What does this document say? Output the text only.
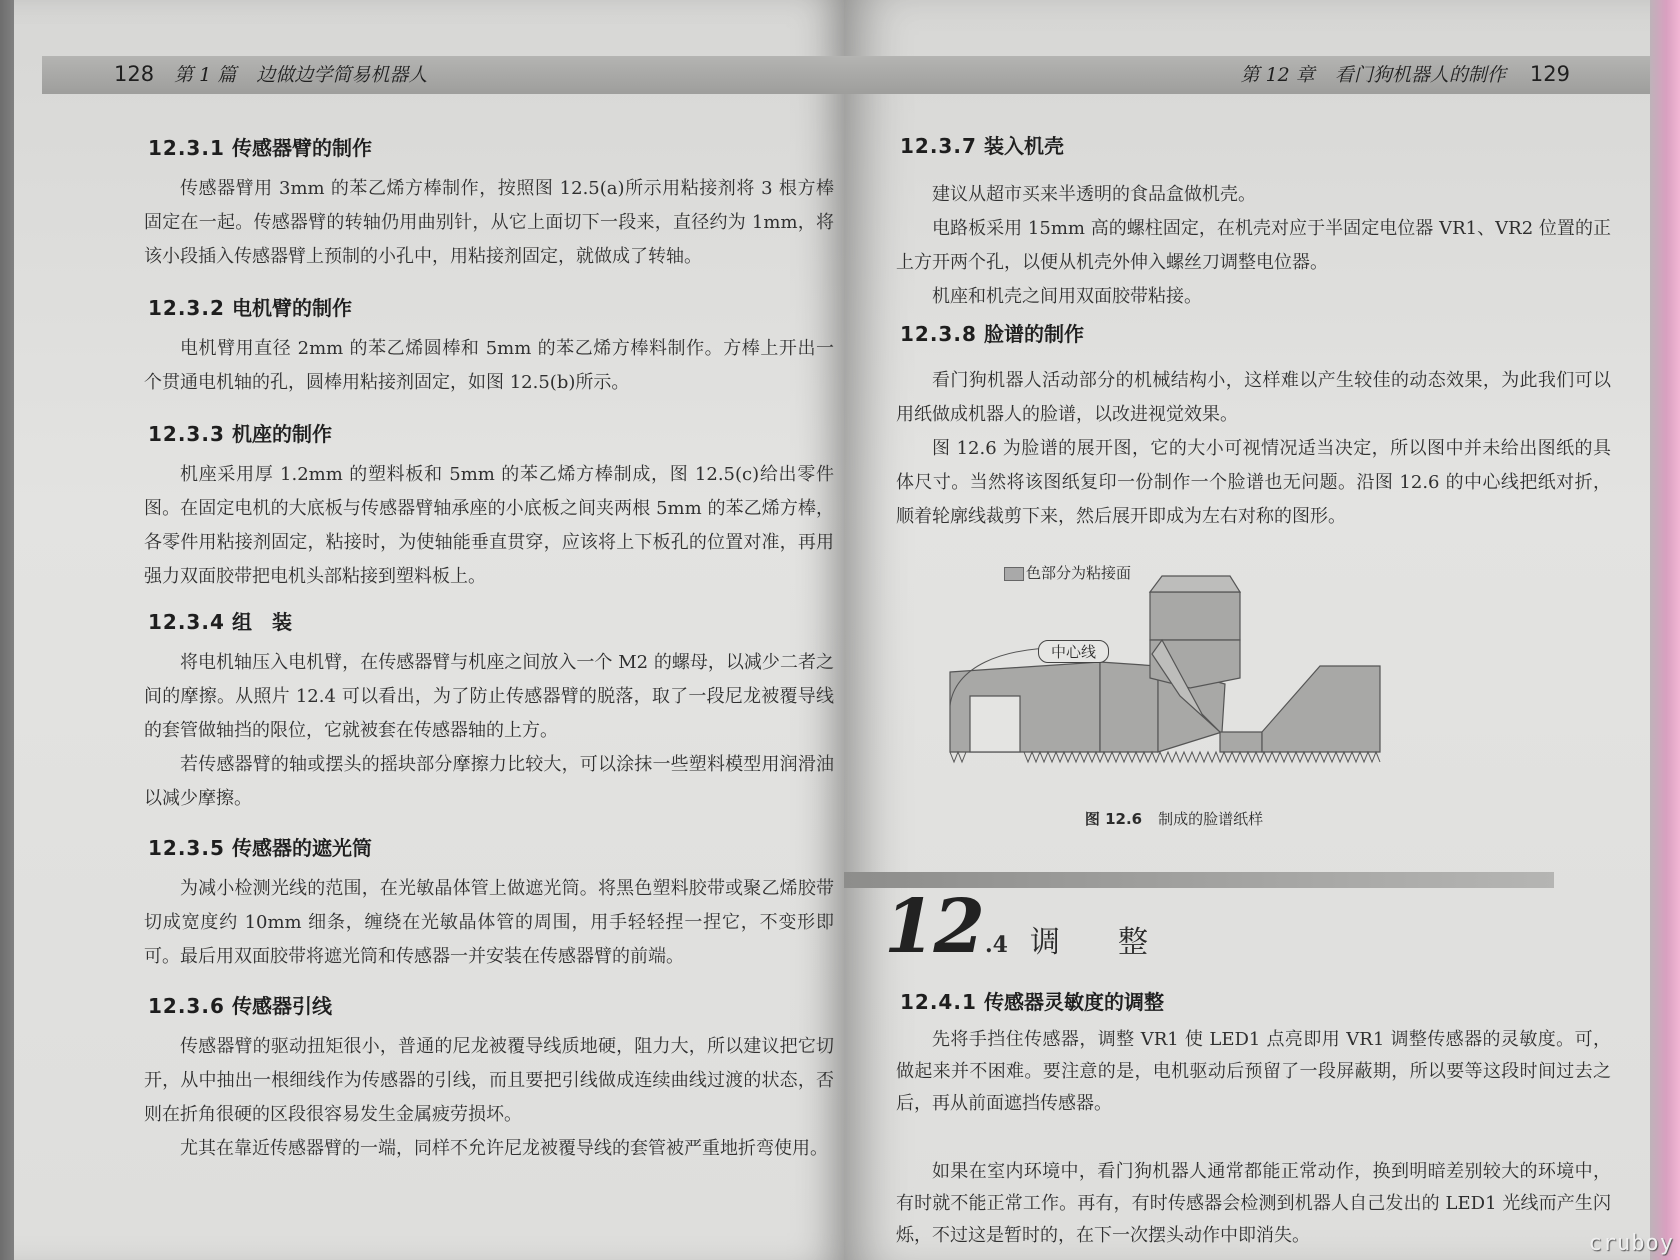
128 第 1 篇 边做边学简易机器人
12.3.1 传感器臂的制作
传感器臂用 3mm 的苯乙烯方棒制作，按照图 12.5(a)所示用粘接剂将 3 根方棒固定在一起。传感器臂的转轴仍用曲别针，从它上面切下一段来，直径约为 1mm，将该小段插入传感器臂上预制的小孔中，用粘接剂固定，就做成了转轴。
12.3.2 电机臂的制作
电机臂用直径 2mm 的苯乙烯圆棒和 5mm 的苯乙烯方棒料制作。方棒上开出一个贯通电机轴的孔，圆棒用粘接剂固定，如图 12.5(b)所示。
12.3.3 机座的制作
机座采用厚 1.2mm 的塑料板和 5mm 的苯乙烯方棒制成，图 12.5(c)给出零件图。在固定电机的大底板与传感器臂轴承座的小底板之间夹两根 5mm 的苯乙烯方棒，各零件用粘接剂固定，粘接时，为使轴能垂直贯穿，应该将上下板孔的位置对准，再用强力双面胶带把电机头部粘接到塑料板上。
12.3.4 组　装
将电机轴压入电机臂，在传感器臂与机座之间放入一个 M2 的螺母，以减少二者之间的摩擦。从照片 12.4 可以看出，为了防止传感器臂的脱落，取了一段尼龙被覆导线的套管做轴挡的限位，它就被套在传感器轴的上方。
若传感器臂的轴或摆头的摇块部分摩擦力比较大，可以涂抹一些塑料模型用润滑油以减少摩擦。
12.3.5 传感器的遮光筒
为减小检测光线的范围，在光敏晶体管上做遮光筒。将黑色塑料胶带或聚乙烯胶带切成宽度约 10mm 细条，缠绕在光敏晶体管的周围，用手轻轻捏一捏它，不变形即可。最后用双面胶带将遮光筒和传感器一并安装在传感器臂的前端。
12.3.6 传感器引线
传感器臂的驱动扭矩很小，普通的尼龙被覆导线质地硬，阻力大，所以建议把它切开，从中抽出一根细线作为传感器的引线，而且要把引线做成连续曲线过渡的状态，否则在折角很硬的区段很容易发生金属疲劳损坏。
尤其在靠近传感器臂的一端，同样不允许尼龙被覆导线的套管被严重地折弯使用。
第 12 章 看门狗机器人的制作 129
12.3.7 装入机壳
建议从超市买来半透明的食品盒做机壳。
电路板采用 15mm 高的螺柱固定，在机壳对应于半固定电位器 VR1、VR2 位置的正上方开两个孔，以便从机壳外伸入螺丝刀调整电位器。
机座和机壳之间用双面胶带粘接。
12.3.8 脸谱的制作
看门狗机器人活动部分的机械结构小，这样难以产生较佳的动态效果，为此我们可以用纸做成机器人的脸谱，以改进视觉效果。
图 12.6 为脸谱的展开图，它的大小可视情况适当决定，所以图中并未给出图纸的具体尺寸。当然将该图纸复印一份制作一个脸谱也无问题。沿图 12.6 的中心线把纸对折，顺着轮廓线裁剪下来，然后展开即成为左右对称的图形。
色部分为粘接面
中心线
图 12.6 制成的脸谱纸样
12.4 调　整
12.4.1 传感器灵敏度的调整
先将手挡住传感器，调整 VR1 使 LED1 点亮即用 VR1 调整传感器的灵敏度。可，做起来并不困难。要注意的是，电机驱动后预留了一段屏蔽期，所以要等这段时间过去之后，再从前面遮挡传感器。
如果在室内环境中，看门狗机器人通常都能正常动作，换到明暗差别较大的环境中，有时就不能正常工作。再有，有时传感器会检测到机器人自己发出的 LED1 光线而产生闪烁，不过这是暂时的，在下一次摆头动作中即消失。	cruboy
